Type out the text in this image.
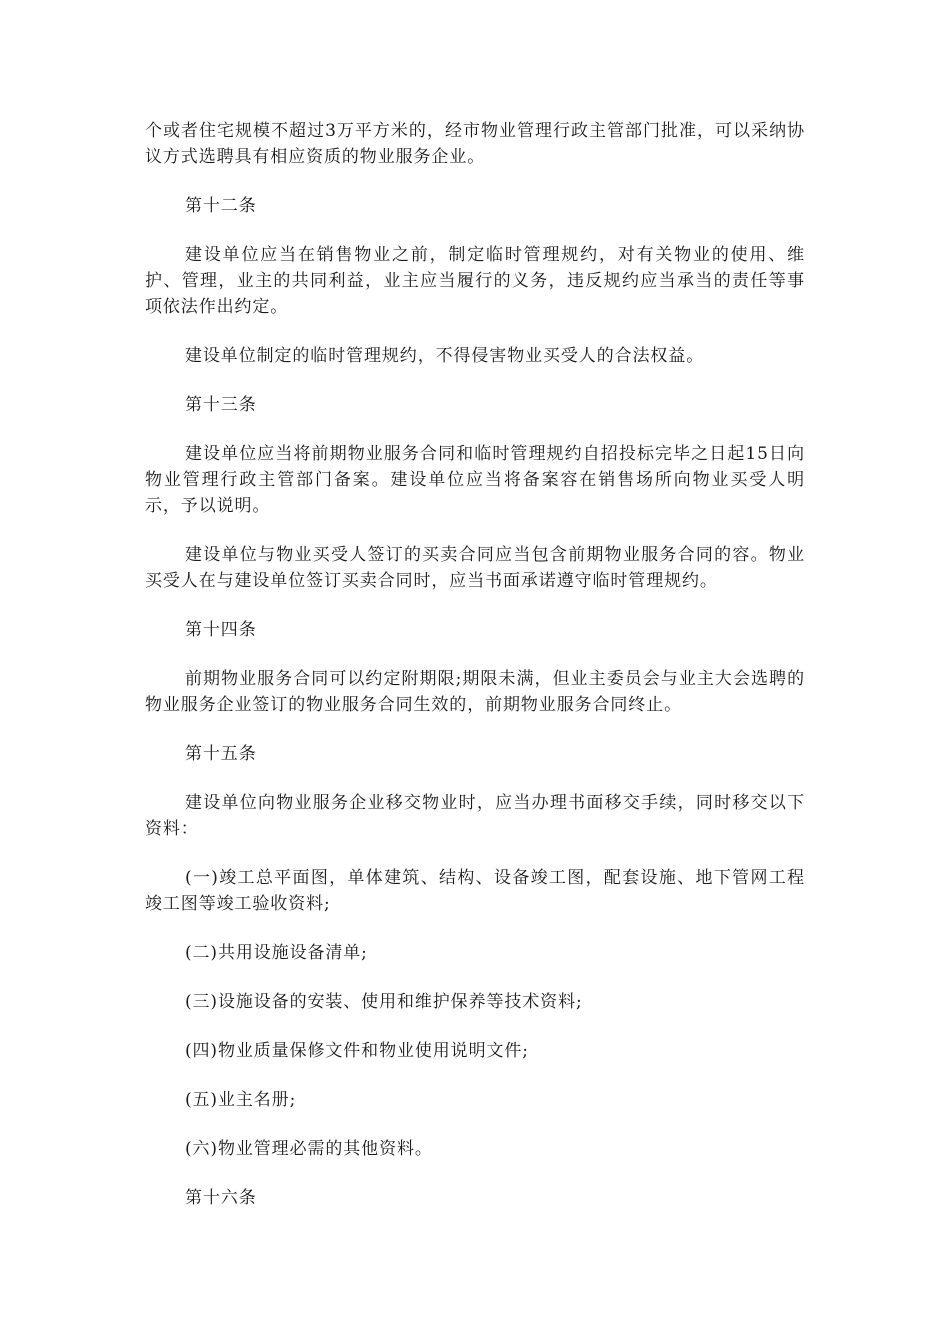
个或者住宅规模不超过3万平方米的，经市物业管理行政主管部门批准，可以采纳协议方式选聘具有相应资质的物业服务企业。

第十二条

建设单位应当在销售物业之前，制定临时管理规约，对有关物业的使用、维护、管理，业主的共同利益，业主应当履行的义务，违反规约应当承当的责任等事项依法作出约定。

建设单位制定的临时管理规约，不得侵害物业买受人的合法权益。

第十三条

建设单位应当将前期物业服务合同和临时管理规约自招投标完毕之日起15日向物业管理行政主管部门备案。建设单位应当将备案容在销售场所向物业买受人明示，予以说明。

建设单位与物业买受人签订的买卖合同应当包含前期物业服务合同的容。物业买受人在与建设单位签订买卖合同时，应当书面承诺遵守临时管理规约。

第十四条

前期物业服务合同可以约定附期限;期限未满，但业主委员会与业主大会选聘的物业服务企业签订的物业服务合同生效的，前期物业服务合同终止。

第十五条

建设单位向物业服务企业移交物业时，应当办理书面移交手续，同时移交以下资料：

(一)竣工总平面图，单体建筑、结构、设备竣工图，配套设施、地下管网工程竣工图等竣工验收资料;

(二)共用设施设备清单;

(三)设施设备的安装、使用和维护保养等技术资料;

(四)物业质量保修文件和物业使用说明文件;

(五)业主名册;

(六)物业管理必需的其他资料。

第十六条
